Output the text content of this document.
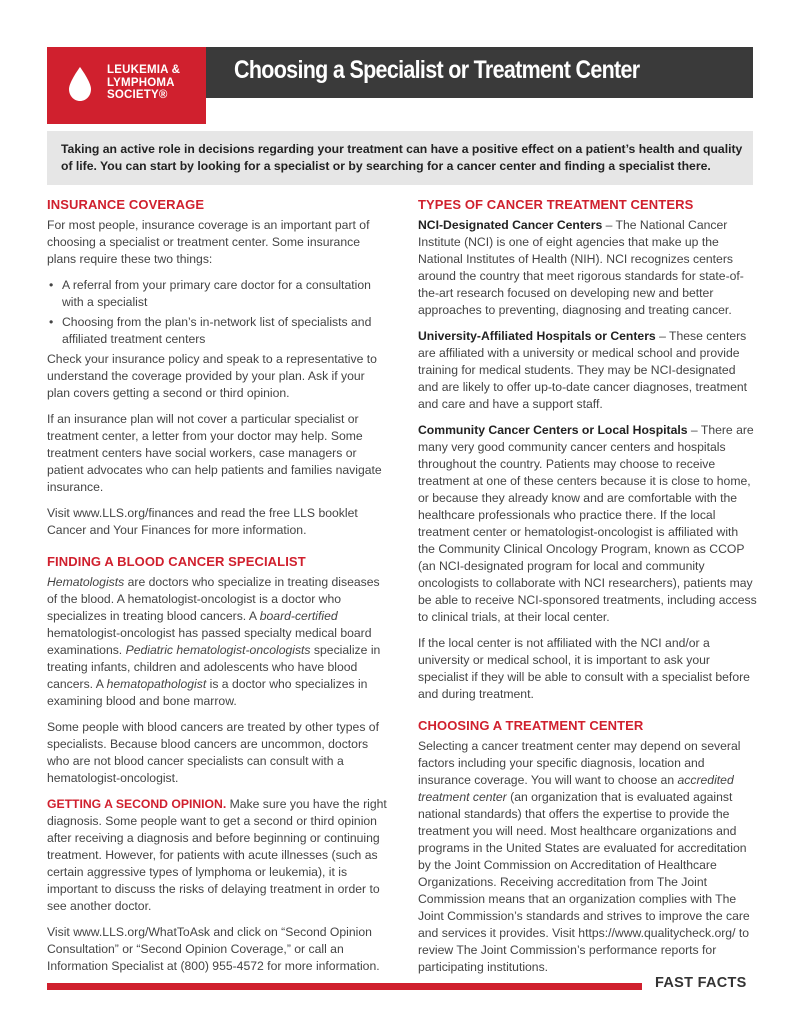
LEUKEMIA &
LYMPHOMA
SOCIETY®
Choosing a Specialist or Treatment Center

Taking an active role in decisions regarding your treatment can have a positive effect on a patient’s health and quality of life. You can start by looking for a specialist or by searching for a cancer center and finding a specialist there.

INSURANCE COVERAGE

For most people, insurance coverage is an important part of choosing a specialist or treatment center. Some insurance plans require these two things:

• A referral from your primary care doctor for a consultation with a specialist
• Choosing from the plan’s in-network list of specialists and affiliated treatment centers

Check your insurance policy and speak to a representative to understand the coverage provided by your plan. Ask if your plan covers getting a second or third opinion.

If an insurance plan will not cover a particular specialist or treatment center, a letter from your doctor may help. Some treatment centers have social workers, case managers or patient advocates who can help patients and families navigate insurance.

Visit www.LLS.org/finances and read the free LLS booklet Cancer and Your Finances for more information.

FINDING A BLOOD CANCER SPECIALIST

Hematologists are doctors who specialize in treating diseases of the blood. A hematologist-oncologist is a doctor who specializes in treating blood cancers. A board-certified hematologist-oncologist has passed specialty medical board examinations. Pediatric hematologist-oncologists specialize in treating infants, children and adolescents who have blood cancers. A hematopathologist is a doctor who specializes in examining blood and bone marrow.

Some people with blood cancers are treated by other types of specialists. Because blood cancers are uncommon, doctors who are not blood cancer specialists can consult with a hematologist-oncologist.

GETTING A SECOND OPINION. Make sure you have the right diagnosis. Some people want to get a second or third opinion after receiving a diagnosis and before beginning or continuing treatment. However, for patients with acute illnesses (such as certain aggressive types of lymphoma or leukemia), it is important to discuss the risks of delaying treatment in order to see another doctor.

Visit www.LLS.org/WhatToAsk and click on “Second Opinion Consultation” or “Second Opinion Coverage,” or call an Information Specialist at (800) 955-4572 for more information.

TYPES OF CANCER TREATMENT CENTERS

NCI-Designated Cancer Centers – The National Cancer Institute (NCI) is one of eight agencies that make up the National Institutes of Health (NIH). NCI recognizes centers around the country that meet rigorous standards for state-of-the-art research focused on developing new and better approaches to preventing, diagnosing and treating cancer.

University-Affiliated Hospitals or Centers – These centers are affiliated with a university or medical school and provide training for medical students. They may be NCI-designated and are likely to offer up-to-date cancer diagnoses, treatment and care and have a support staff.

Community Cancer Centers or Local Hospitals – There are many very good community cancer centers and hospitals throughout the country. Patients may choose to receive treatment at one of these centers because it is close to home, or because they already know and are comfortable with the healthcare professionals who practice there. If the local treatment center or hematologist-oncologist is affiliated with the Community Clinical Oncology Program, known as CCOP (an NCI-designated program for local and community oncologists to collaborate with NCI researchers), patients may be able to receive NCI-sponsored treatments, including access to clinical trials, at their local center.

If the local center is not affiliated with the NCI and/or a university or medical school, it is important to ask your specialist if they will be able to consult with a specialist before and during treatment.

CHOOSING A TREATMENT CENTER

Selecting a cancer treatment center may depend on several factors including your specific diagnosis, location and insurance coverage. You will want to choose an accredited treatment center (an organization that is evaluated against national standards) that offers the expertise to provide the treatment you will need. Most healthcare organizations and programs in the United States are evaluated for accreditation by the Joint Commission on Accreditation of Healthcare Organizations. Receiving accreditation from The Joint Commission means that an organization complies with The Joint Commission’s standards and strives to improve the care and services it provides. Visit https://www.qualitycheck.org/ to review The Joint Commission’s performance reports for participating institutions.

FAST FACTS
